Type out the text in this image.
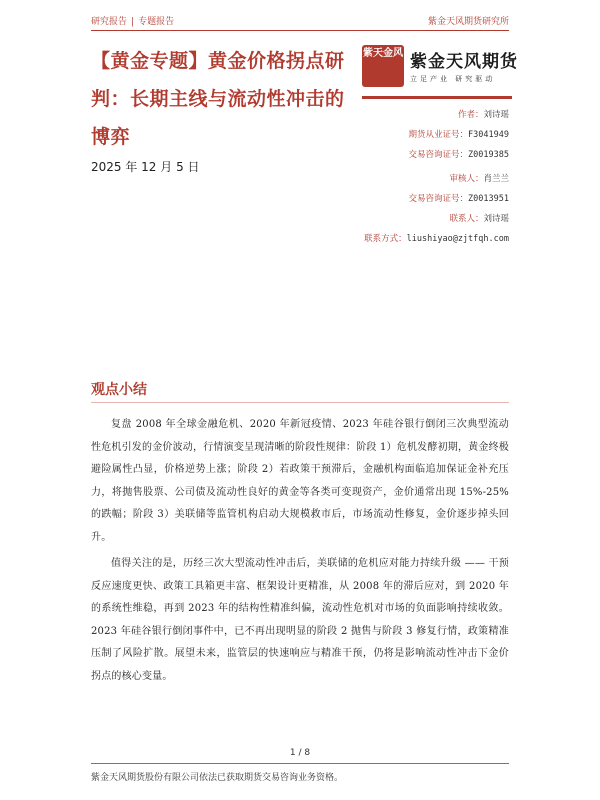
研究报告 | 专题报告	紫金天风期货研究所
【黄金专题】黄金价格拐点研判：长期主线与流动性冲击的博弈
2025 年 12 月 5 日
紫天金风 紫金天风期货
立足产业 研究驱动
作者：刘诗瑶
期货从业证号：F3041949
交易咨询证号：Z0019385
审核人：肖兰兰
交易咨询证号：Z0013951
联系人：刘诗瑶
联系方式：liushiyao@zjtfqh.com
观点小结
复盘 2008 年全球金融危机、2020 年新冠疫情、2023 年硅谷银行倒闭三次典型流动性危机引发的金价波动，行情演变呈现清晰的阶段性规律：阶段 1）危机发酵初期，黄金终极避险属性凸显，价格逆势上涨；阶段 2）若政策干预滞后，金融机构面临追加保证金补充压力，将抛售股票、公司债及流动性良好的黄金等各类可变现资产，金价通常出现 15%-25% 的跌幅；阶段 3）美联储等监管机构启动大规模救市后，市场流动性修复，金价逐步掉头回升。
值得关注的是，历经三次大型流动性冲击后，美联储的危机应对能力持续升级 —— 干预反应速度更快、政策工具箱更丰富、框架设计更精准，从 2008 年的滞后应对，到 2020 年的系统性维稳，再到 2023 年的结构性精准纠偏，流动性危机对市场的负面影响持续收敛。2023 年硅谷银行倒闭事件中，已不再出现明显的阶段 2 抛售与阶段 3 修复行情，政策精准压制了风险扩散。展望未来，监管层的快速响应与精准干预，仍将是影响流动性冲击下金价拐点的核心变量。
1 / 8
紫金天风期货股份有限公司依法已获取期货交易咨询业务资格。
